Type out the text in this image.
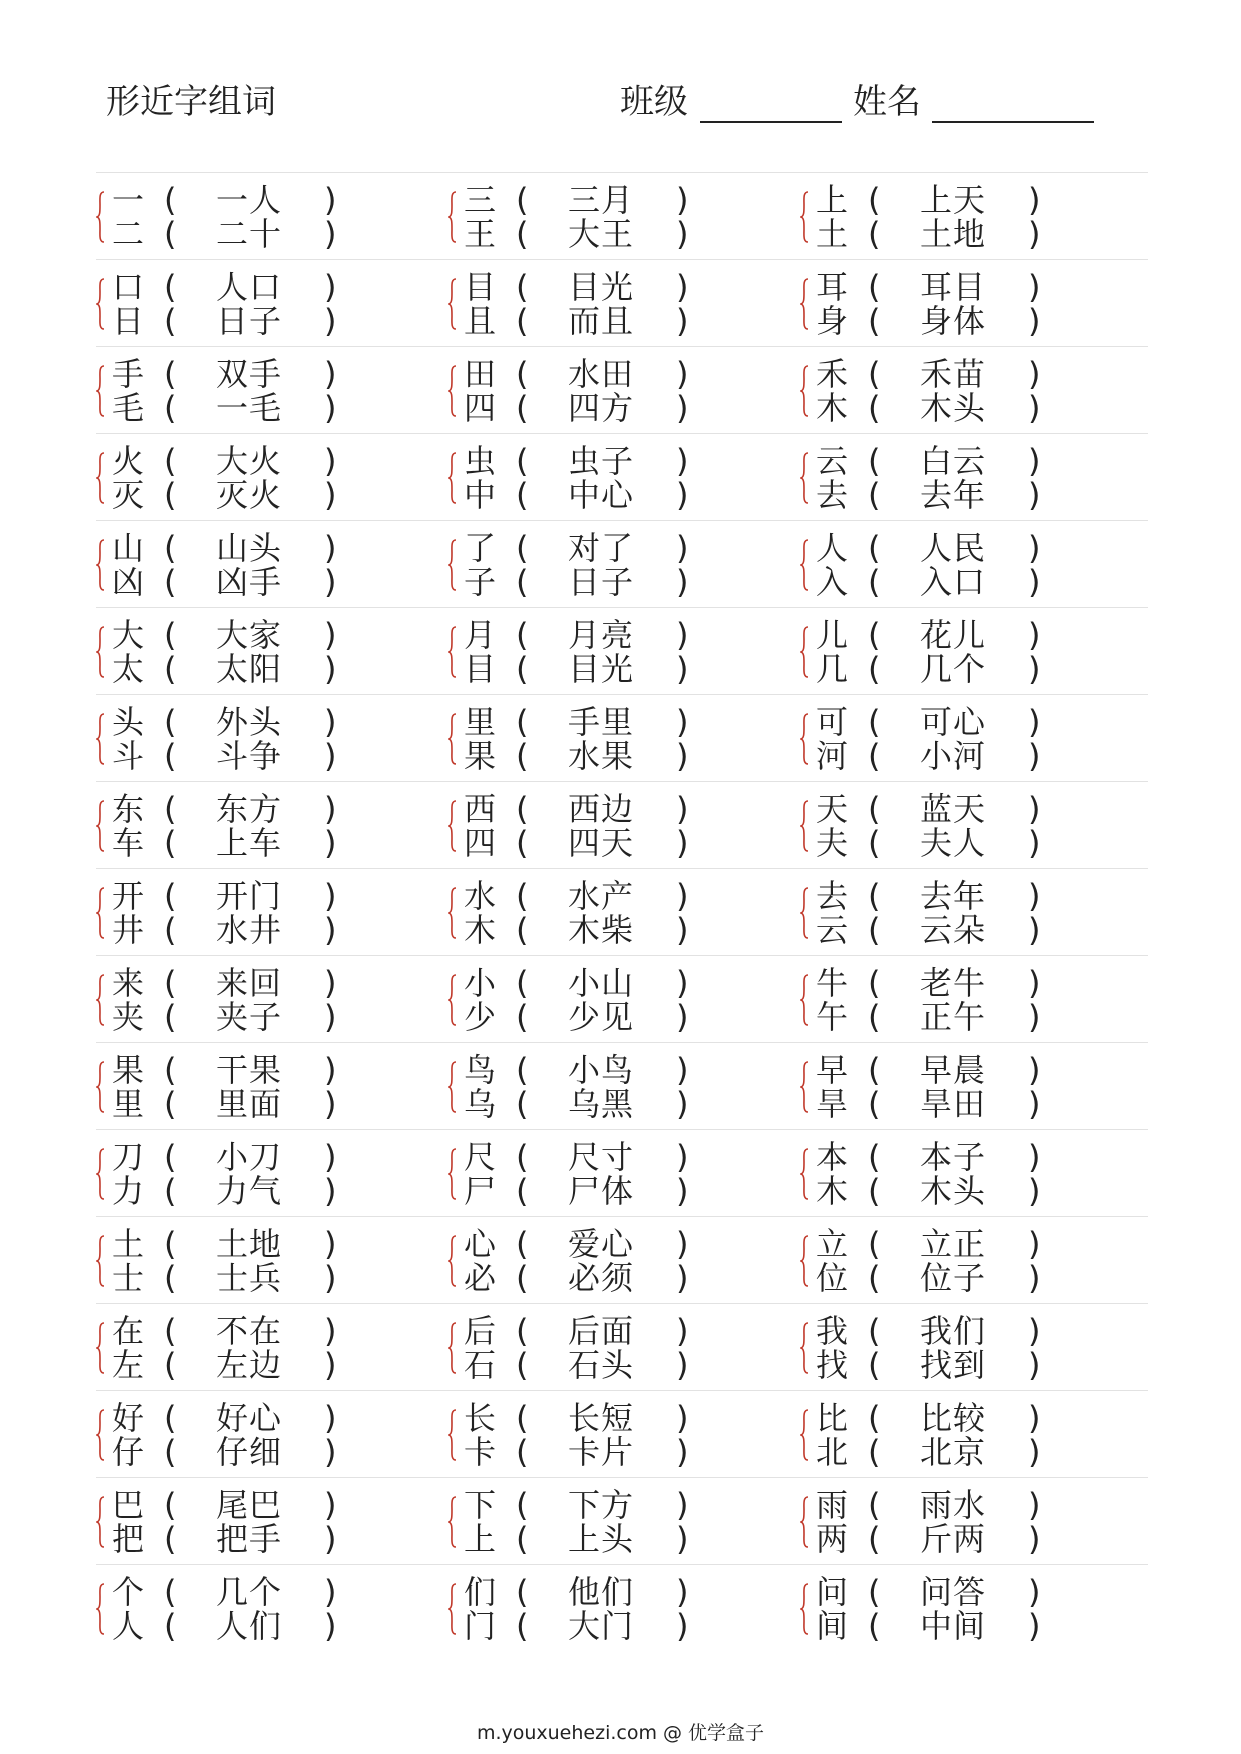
形近字组词	班级	姓名
一 ( 一人 )
二 ( 二十 )
三 ( 三月 )
王 ( 大王 )
上 ( 上天 )
土 ( 土地 )
口 ( 人口 )
日 ( 日子 )
目 ( 目光 )
且 ( 而且 )
耳 ( 耳目 )
身 ( 身体 )
手 ( 双手 )
毛 ( 一毛 )
田 ( 水田 )
四 ( 四方 )
禾 ( 禾苗 )
木 ( 木头 )
火 ( 大火 )
灭 ( 灭火 )
虫 ( 虫子 )
中 ( 中心 )
云 ( 白云 )
去 ( 去年 )
山 ( 山头 )
凶 ( 凶手 )
了 ( 对了 )
子 ( 日子 )
人 ( 人民 )
入 ( 入口 )
大 ( 大家 )
太 ( 太阳 )
月 ( 月亮 )
目 ( 目光 )
儿 ( 花儿 )
几 ( 几个 )
头 ( 外头 )
斗 ( 斗争 )
里 ( 手里 )
果 ( 水果 )
可 ( 可心 )
河 ( 小河 )
东 ( 东方 )
车 ( 上车 )
西 ( 西边 )
四 ( 四天 )
天 ( 蓝天 )
夫 ( 夫人 )
开 ( 开门 )
井 ( 水井 )
水 ( 水产 )
木 ( 木柴 )
去 ( 去年 )
云 ( 云朵 )
来 ( 来回 )
夹 ( 夹子 )
小 ( 小山 )
少 ( 少见 )
牛 ( 老牛 )
午 ( 正午 )
果 ( 干果 )
里 ( 里面 )
鸟 ( 小鸟 )
乌 ( 乌黑 )
早 ( 早晨 )
旱 ( 旱田 )
刀 ( 小刀 )
力 ( 力气 )
尺 ( 尺寸 )
尸 ( 尸体 )
本 ( 本子 )
木 ( 木头 )
土 ( 土地 )
士 ( 士兵 )
心 ( 爱心 )
必 ( 必须 )
立 ( 立正 )
位 ( 位子 )
在 ( 不在 )
左 ( 左边 )
后 ( 后面 )
石 ( 石头 )
我 ( 我们 )
找 ( 找到 )
好 ( 好心 )
仔 ( 仔细 )
长 ( 长短 )
卡 ( 卡片 )
比 ( 比较 )
北 ( 北京 )
巴 ( 尾巴 )
把 ( 把手 )
下 ( 下方 )
上 ( 上头 )
雨 ( 雨水 )
两 ( 斤两 )
个 ( 几个 )
人 ( 人们 )
们 ( 他们 )
门 ( 大门 )
问 ( 问答 )
间 ( 中间 )
m.youxuehezi.com @ 优学盒子
